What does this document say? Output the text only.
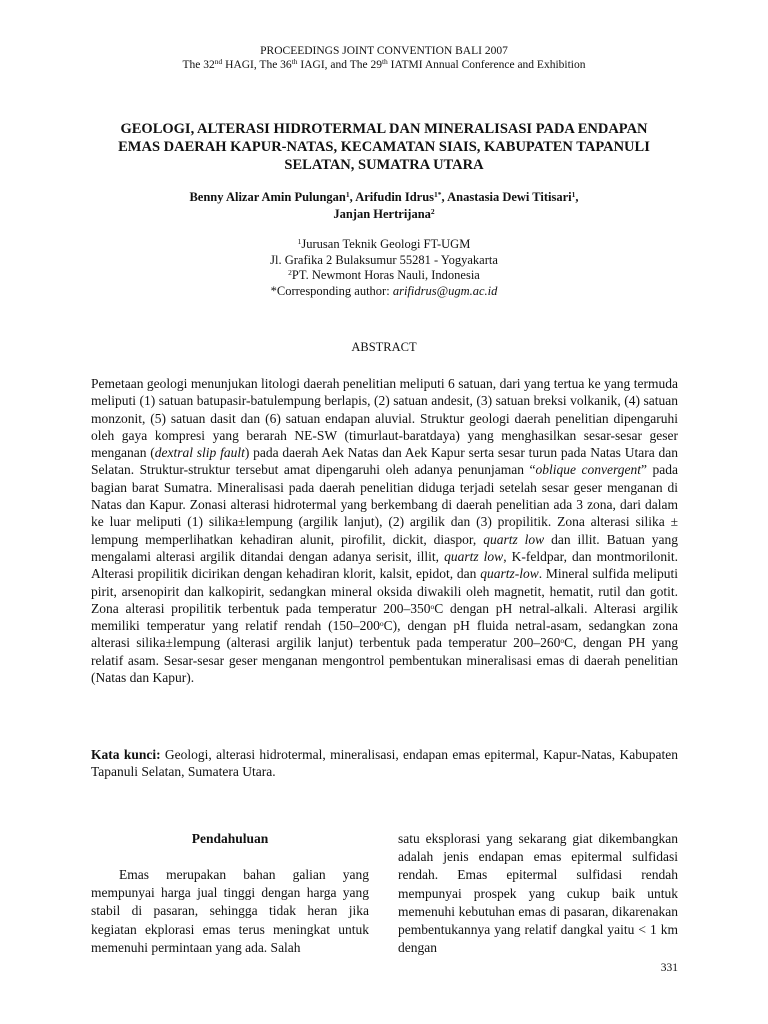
PROCEEDINGS JOINT CONVENTION BALI 2007
The 32nd HAGI, The 36th IAGI, and The 29th IATMI Annual Conference and Exhibition
GEOLOGI, ALTERASI HIDROTERMAL DAN MINERALISASI PADA ENDAPAN
EMAS DAERAH KAPUR-NATAS, KECAMATAN SIAIS, KABUPATEN TAPANULI
SELATAN, SUMATRA UTARA
Benny Alizar Amin Pulungan$^1$, Arifudin Idrus$^{1*}$, Anastasia Dewi Titisari$^1$,
Janjan Hertrijana$^2$
$^1$Jurusan Teknik Geologi FT-UGM
Jl. Grafika 2 Bulaksumur 55281 - Yogyakarta
$^2$PT. Newmont Horas Nauli, Indonesia
*Corresponding author: arifidrus@ugm.ac.id
ABSTRACT

Pemetaan geologi menunjukan litologi daerah penelitian meliputi 6 satuan, dari yang tertua ke yang termuda meliputi (1) satuan batupasir-batulempung berlapis, (2) satuan andesit, (3) satuan breksi volkanik, (4) satuan monzonit, (5) satuan dasit dan (6) satuan endapan aluvial. Struktur geologi daerah penelitian dipengaruhi oleh gaya kompresi yang berarah NE-SW (timurlaut-baratdaya) yang menghasilkan sesar-sesar geser menganan (dextral slip fault) pada daerah Aek Natas dan Aek Kapur serta sesar turun pada Natas Utara dan Selatan. Struktur-struktur tersebut amat dipengaruhi oleh adanya penunjaman “oblique convergent” pada bagian barat Sumatra. Mineralisasi pada daerah penelitian diduga terjadi setelah sesar geser menganan di Natas dan Kapur. Zonasi alterasi hidrotermal yang berkembang di daerah penelitian ada 3 zona, dari dalam ke luar meliputi (1) silika±lempung (argilik lanjut), (2) argilik dan (3) propilitik. Zona alterasi silika ± lempung memperlihatkan kehadiran alunit, pirofilit, dickit, diaspor, quartz low dan illit. Batuan yang mengalami alterasi argilik ditandai dengan adanya serisit, illit, quartz low, K-feldpar, dan montmorilonit. Alterasi propilitik dicirikan dengan kehadiran klorit, kalsit, epidot, dan quartz-low. Mineral sulfida meliputi pirit, arsenopirit dan kalkopirit, sedangkan mineral oksida diwakili oleh magnetit, hematit, rutil dan gotit. Zona alterasi propilitik terbentuk pada temperatur 200–350$^o$C dengan pH netral-alkali. Alterasi argilik memiliki temperatur yang relatif rendah (150–200$^o$C), dengan pH fluida netral-asam, sedangkan zona alterasi silika±lempung (alterasi argilik lanjut) terbentuk pada temperatur 200–260$^o$C, dengan PH yang relatif asam. Sesar-sesar geser menganan mengontrol pembentukan mineralisasi emas di daerah penelitian (Natas dan Kapur).

Kata kunci: Geologi, alterasi hidrotermal, mineralisasi, endapan emas epitermal, Kapur-Natas, Kabupaten Tapanuli Selatan, Sumatera Utara.
Pendahuluan

Emas merupakan bahan galian yang mempunyai harga jual tinggi dengan harga yang stabil di pasaran, sehingga tidak heran jika kegiatan ekplorasi emas terus meningkat untuk memenuhi permintaan yang ada. Salah

satu eksplorasi yang sekarang giat dikembangkan adalah jenis endapan emas epitermal sulfidasi rendah. Emas epitermal sulfidasi rendah mempunyai prospek yang cukup baik untuk memenuhi kebutuhan emas di pasaran, dikarenakan pembentukannya yang relatif dangkal yaitu < 1 km dengan

331
